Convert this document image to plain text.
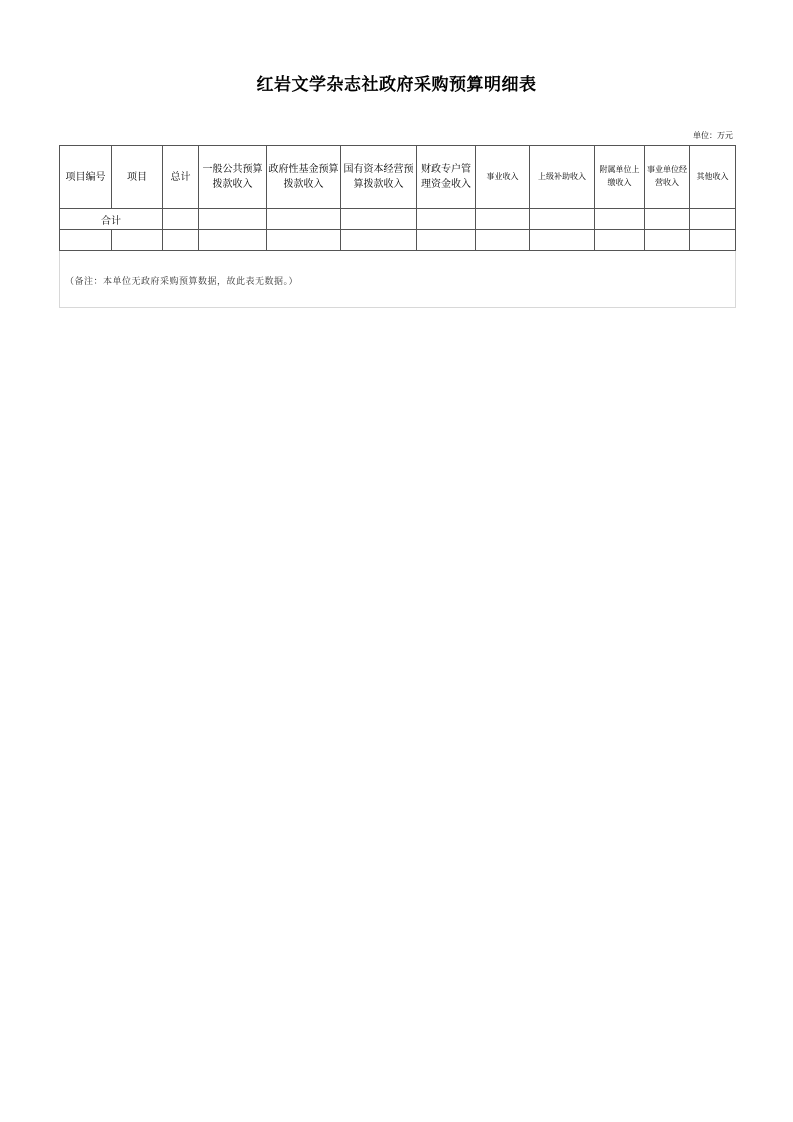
红岩文学杂志社政府采购预算明细表
单位：万元
项目编号	项目	总计	一般公共预算拨款收入	政府性基金预算拨款收入	国有资本经营预算拨款收入	财政专户管理资金收入	事业收入	上级补助收入	附属单位上缴收入	事业单位经营收入	其他收入
合计											

（备注：本单位无政府采购预算数据，故此表无数据。）
